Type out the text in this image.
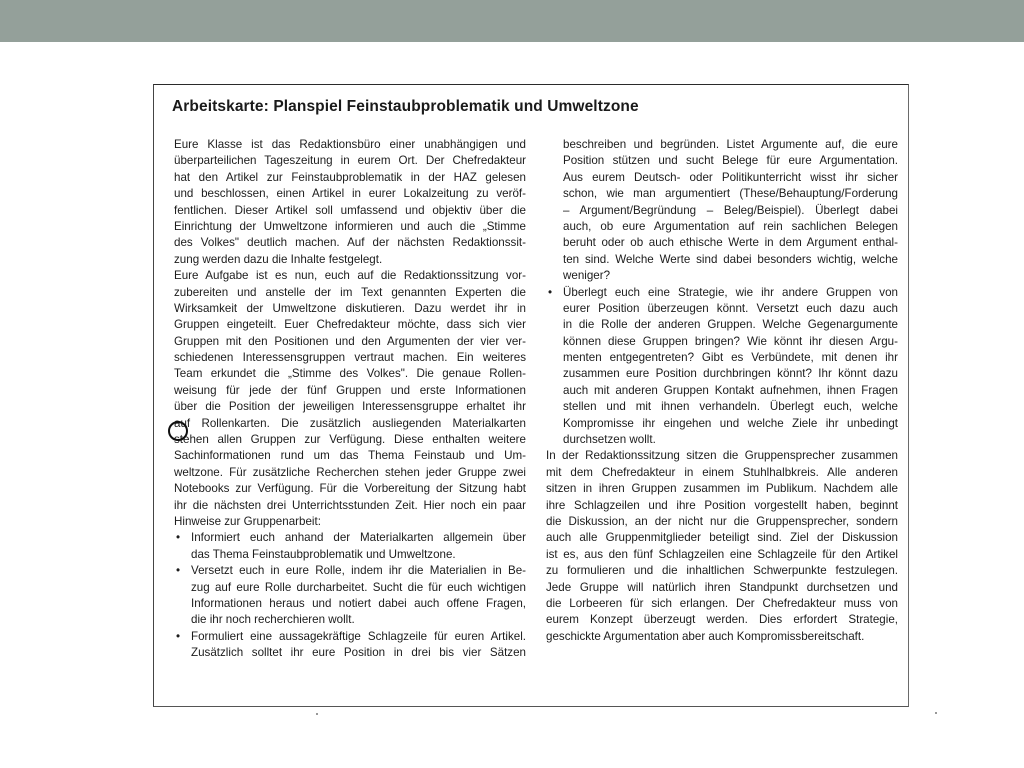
Arbeitskarte: Planspiel Feinstaubproblematik und Umweltzone
Eure Klasse ist das Redaktionsbüro einer unabhängigen und
überparteilichen Tageszeitung in eurem Ort. Der Chefredakteur
hat den Artikel zur Feinstaubproblematik in der HAZ gelesen
und beschlossen, einen Artikel in eurer Lokalzeitung zu veröf-
fentlichen. Dieser Artikel soll umfassend und objektiv über die
Einrichtung der Umweltzone informieren und auch die „Stimme
des Volkes" deutlich machen. Auf der nächsten Redaktionssit-
zung werden dazu die Inhalte festgelegt.
Eure Aufgabe ist es nun, euch auf die Redaktionssitzung vor-
zubereiten und anstelle der im Text genannten Experten die
Wirksamkeit der Umweltzone diskutieren. Dazu werdet ihr in
Gruppen eingeteilt. Euer Chefredakteur möchte, dass sich vier
Gruppen mit den Positionen und den Argumenten der vier ver-
schiedenen Interessensgruppen vertraut machen. Ein weiteres
Team erkundet die „Stimme des Volkes". Die genaue Rollen-
weisung für jede der fünf Gruppen und erste Informationen
über die Position der jeweiligen Interessensgruppe erhaltet ihr
auf Rollenkarten. Die zusätzlich ausliegenden Materialkarten
stehen allen Gruppen zur Verfügung. Diese enthalten weitere
Sachinformationen rund um das Thema Feinstaub und Um-
weltzone. Für zusätzliche Recherchen stehen jeder Gruppe zwei
Notebooks zur Verfügung. Für die Vorbereitung der Sitzung habt
ihr die nächsten drei Unterrichtsstunden Zeit. Hier noch ein paar
Hinweise zur Gruppenarbeit:
• Informiert euch anhand der Materialkarten allgemein über
das Thema Feinstaubproblematik und Umweltzone.
• Versetzt euch in eure Rolle, indem ihr die Materialien in Be-
zug auf eure Rolle durcharbeitet. Sucht die für euch wichtigen
Informationen heraus und notiert dabei auch offene Fragen,
die ihr noch recherchieren wollt.
• Formuliert eine aussagekräftige Schlagzeile für euren Artikel.
Zusätzlich solltet ihr eure Position in drei bis vier Sätzen
beschreiben und begründen. Listet Argumente auf, die eure
Position stützen und sucht Belege für eure Argumentation.
Aus eurem Deutsch- oder Politikunterricht wisst ihr sicher
schon, wie man argumentiert (These/Behauptung/Forderung
– Argument/Begründung – Beleg/Beispiel). Überlegt dabei
auch, ob eure Argumentation auf rein sachlichen Belegen
beruht oder ob auch ethische Werte in dem Argument enthal-
ten sind. Welche Werte sind dabei besonders wichtig, welche
weniger?
• Überlegt euch eine Strategie, wie ihr andere Gruppen von
eurer Position überzeugen könnt. Versetzt euch dazu auch
in die Rolle der anderen Gruppen. Welche Gegenargumente
können diese Gruppen bringen? Wie könnt ihr diesen Argu-
menten entgegentreten? Gibt es Verbündete, mit denen ihr
zusammen eure Position durchbringen könnt? Ihr könnt dazu
auch mit anderen Gruppen Kontakt aufnehmen, ihnen Fragen
stellen und mit ihnen verhandeln. Überlegt euch, welche
Kompromisse ihr eingehen und welche Ziele ihr unbedingt
durchsetzen wollt.
In der Redaktionssitzung sitzen die Gruppensprecher zusammen
mit dem Chefredakteur in einem Stuhlhalbkreis. Alle anderen
sitzen in ihren Gruppen zusammen im Publikum. Nachdem alle
ihre Schlagzeilen und ihre Position vorgestellt haben, beginnt
die Diskussion, an der nicht nur die Gruppensprecher, sondern
auch alle Gruppenmitglieder beteiligt sind. Ziel der Diskussion
ist es, aus den fünf Schlagzeilen eine Schlagzeile für den Artikel
zu formulieren und die inhaltlichen Schwerpunkte festzulegen.
Jede Gruppe will natürlich ihren Standpunkt durchsetzen und
die Lorbeeren für sich erlangen. Der Chefredakteur muss von
eurem Konzept überzeugt werden. Dies erfordert Strategie,
geschickte Argumentation aber auch Kompromissbereitschaft.
